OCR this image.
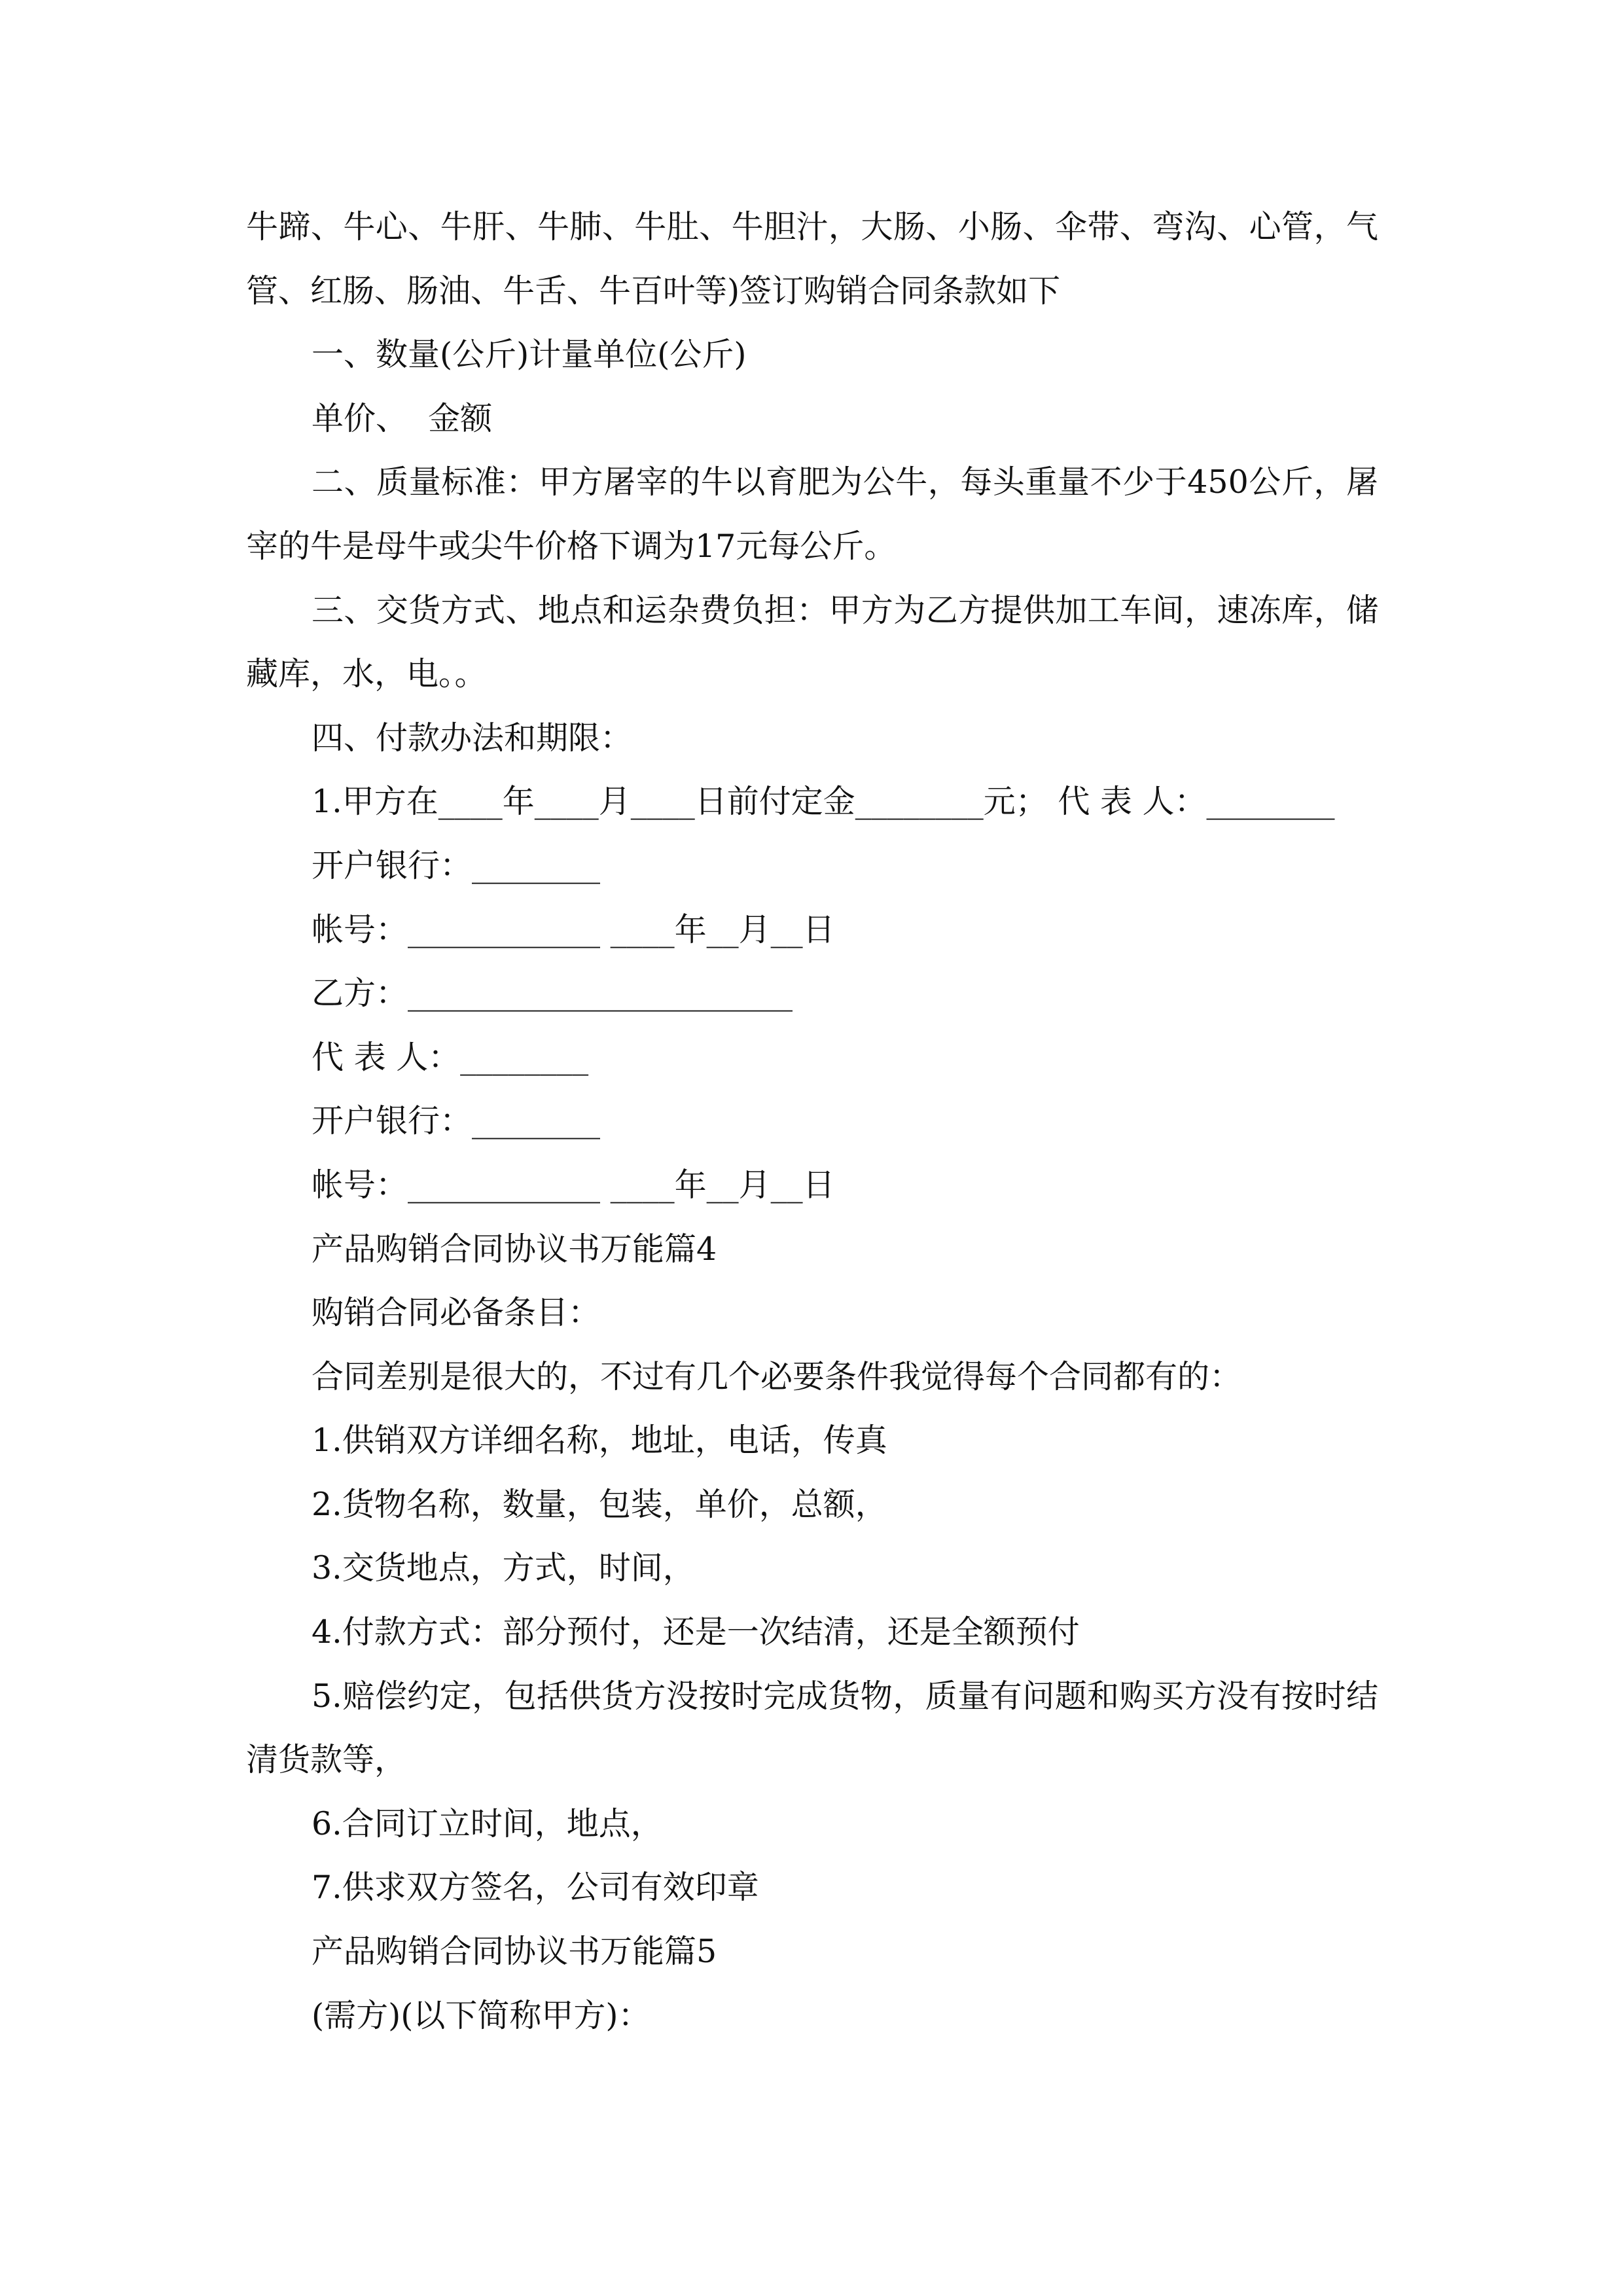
牛蹄、牛心、牛肝、牛肺、牛肚、牛胆汁，大肠、小肠、伞带、弯沟、心管，气管、红肠、肠油、牛舌、牛百叶等)签订购销合同条款如下

一、数量(公斤)计量单位(公斤)

单价、  金额

二、质量标准：甲方屠宰的牛以育肥为公牛，每头重量不少于450公斤，屠宰的牛是母牛或尖牛价格下调为17元每公斤。

三、交货方式、地点和运杂费负担：甲方为乙方提供加工车间，速冻库，储藏库，水，电。。

四、付款办法和期限：

1.甲方在____年____月____日前付定金________元； 代 表 人：________

开户银行：________

帐号：____________ ____年__月__日

乙方：________________________

代 表 人：________

开户银行：________

帐号：____________ ____年__月__日

产品购销合同协议书万能篇4

购销合同必备条目：

合同差别是很大的，不过有几个必要条件我觉得每个合同都有的：

1.供销双方详细名称，地址，电话，传真

2.货物名称，数量，包装，单价，总额，

3.交货地点，方式，时间，

4.付款方式：部分预付，还是一次结清，还是全额预付

5.赔偿约定，包括供货方没按时完成货物，质量有问题和购买方没有按时结清货款等，

6.合同订立时间，地点，

7.供求双方签名，公司有效印章

产品购销合同协议书万能篇5

(需方)(以下简称甲方)：
